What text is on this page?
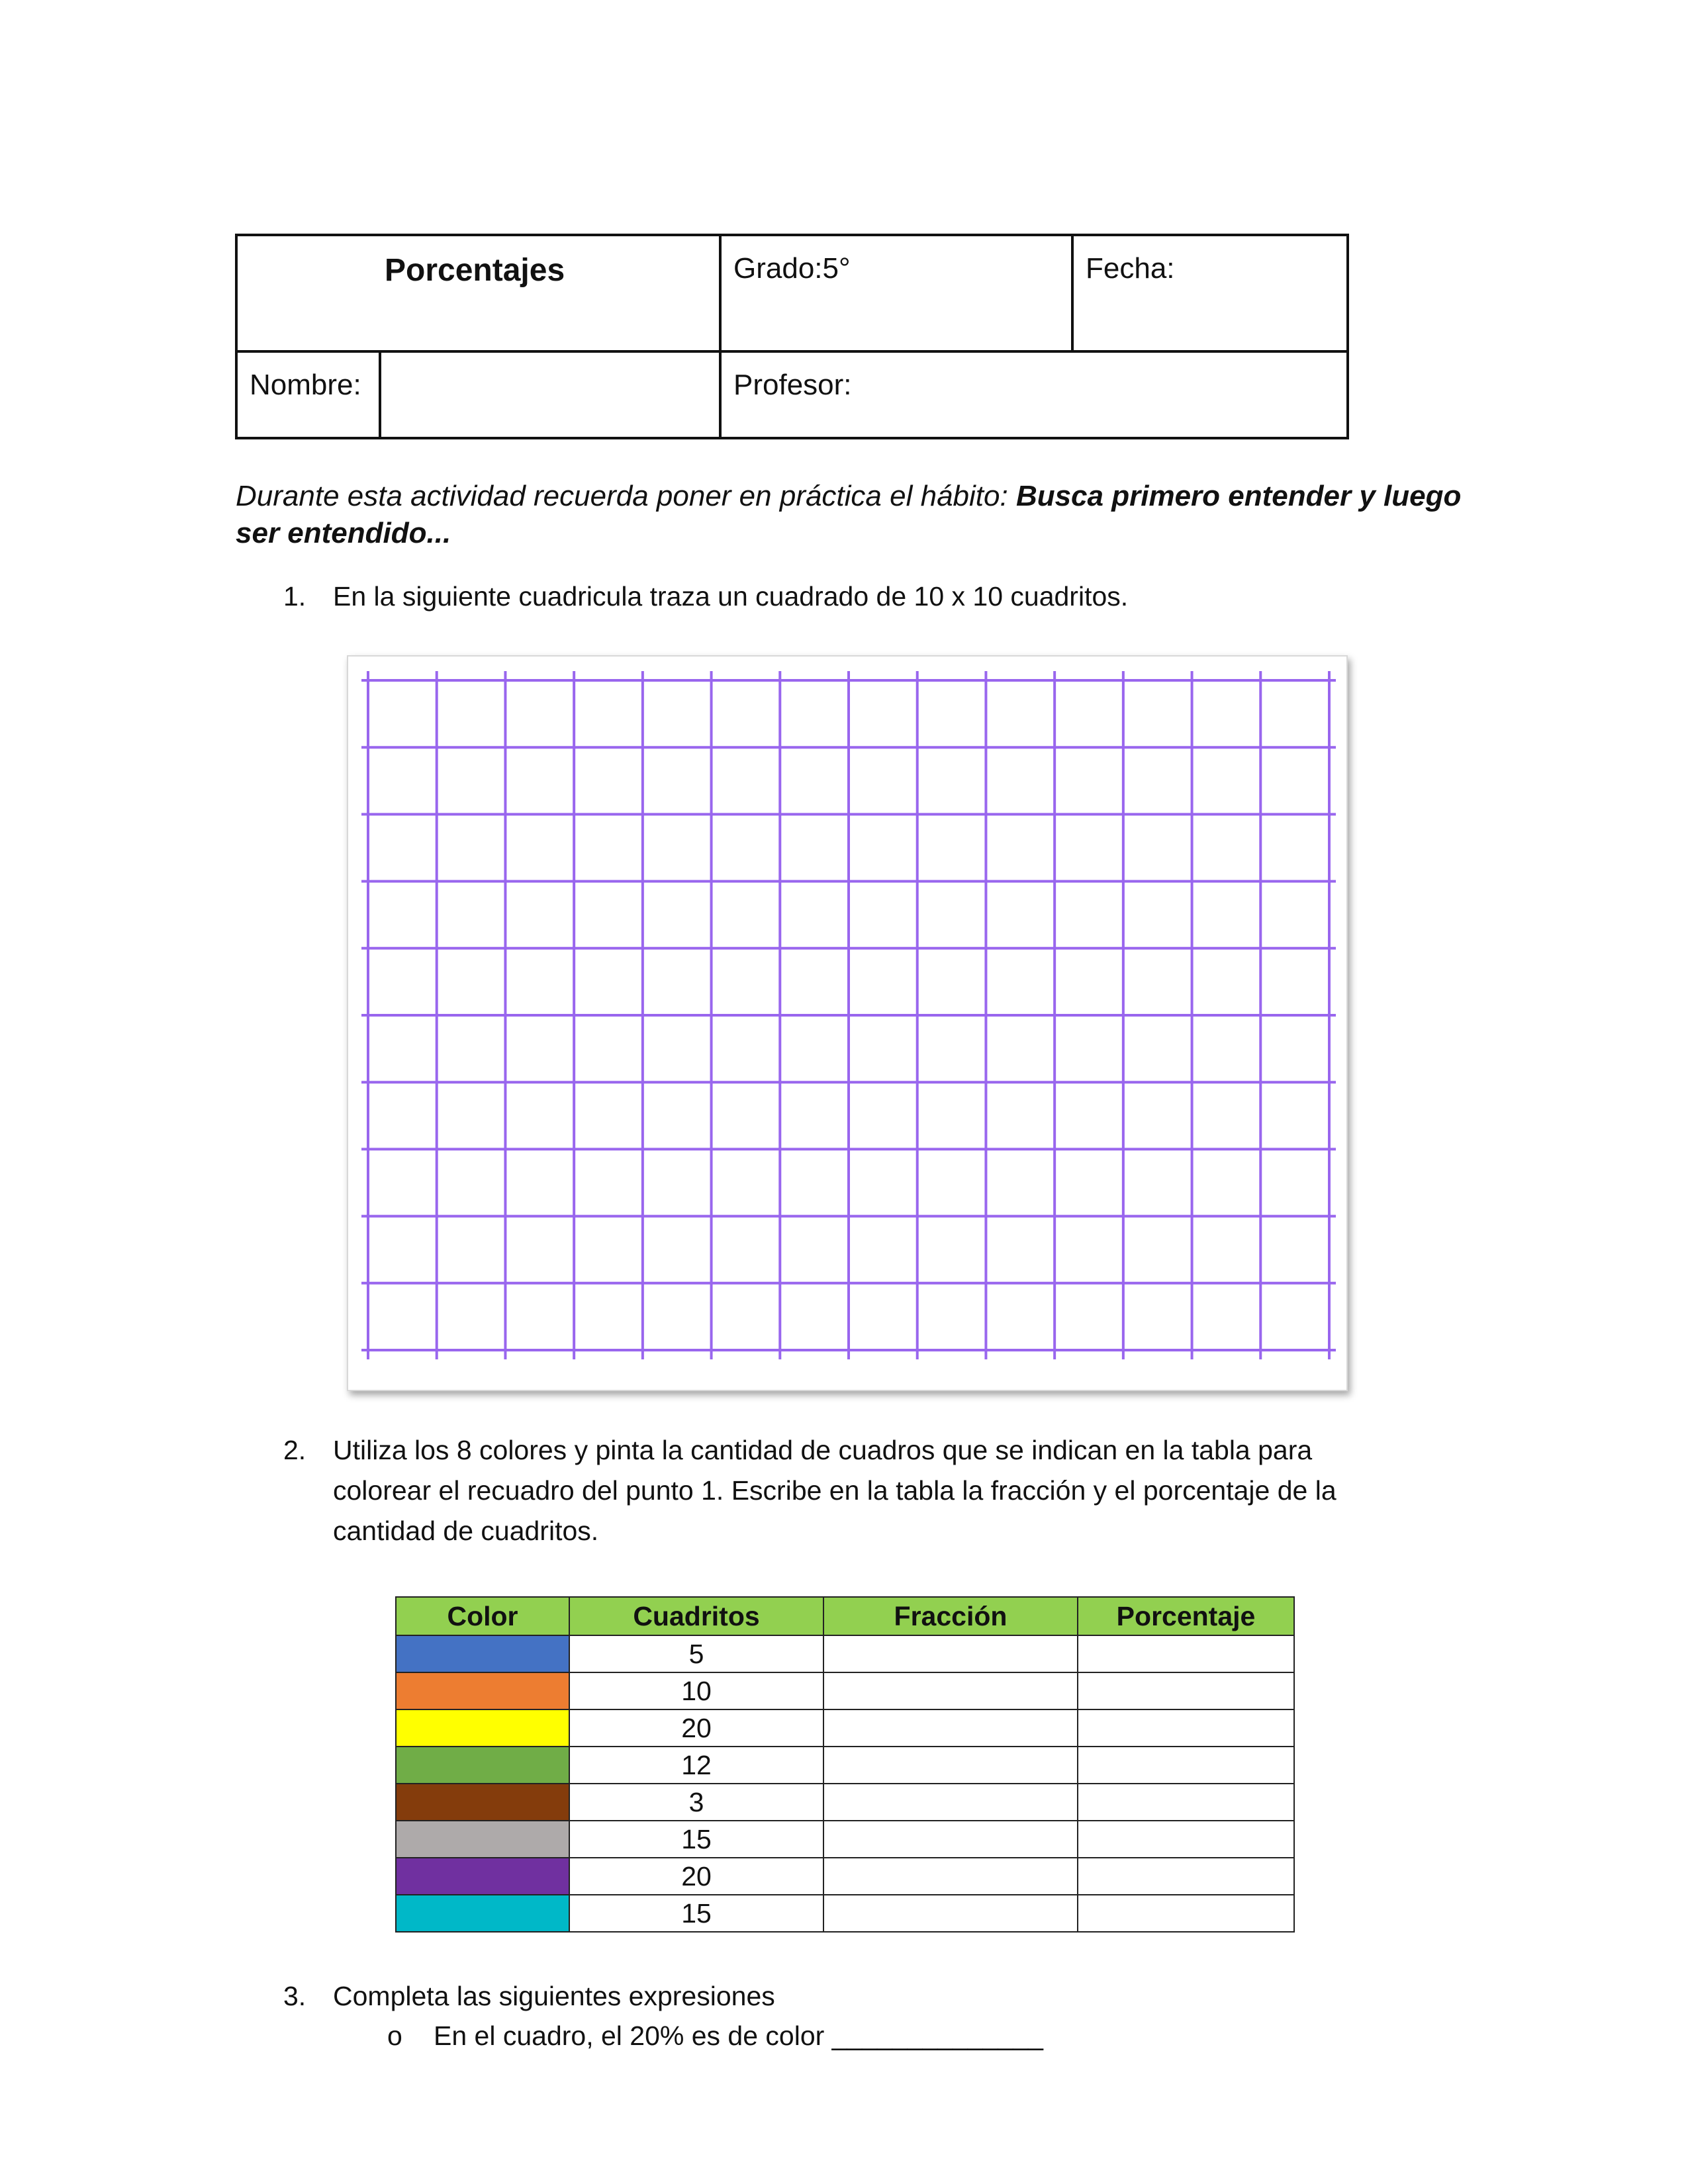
Porcentajes	Grado:5°	Fecha:
Nombre:	Profesor:
Durante esta actividad recuerda poner en práctica el hábito: Busca primero entender y luego ser entendido...
1. En la siguiente cuadricula traza un cuadrado de 10 x 10 cuadritos.
2. Utiliza los 8 colores y pinta la cantidad de cuadros que se indican en la tabla para
colorear el recuadro del punto 1. Escribe en la tabla la fracción y el porcentaje de la
cantidad de cuadritos.
Color	Cuadritos	Fracción	Porcentaje
	5		
	10		
	20		
	12		
	3		
	15		
	20		
	15		
3. Completa las siguientes expresiones
o En el cuadro, el 20% es de color ______________
